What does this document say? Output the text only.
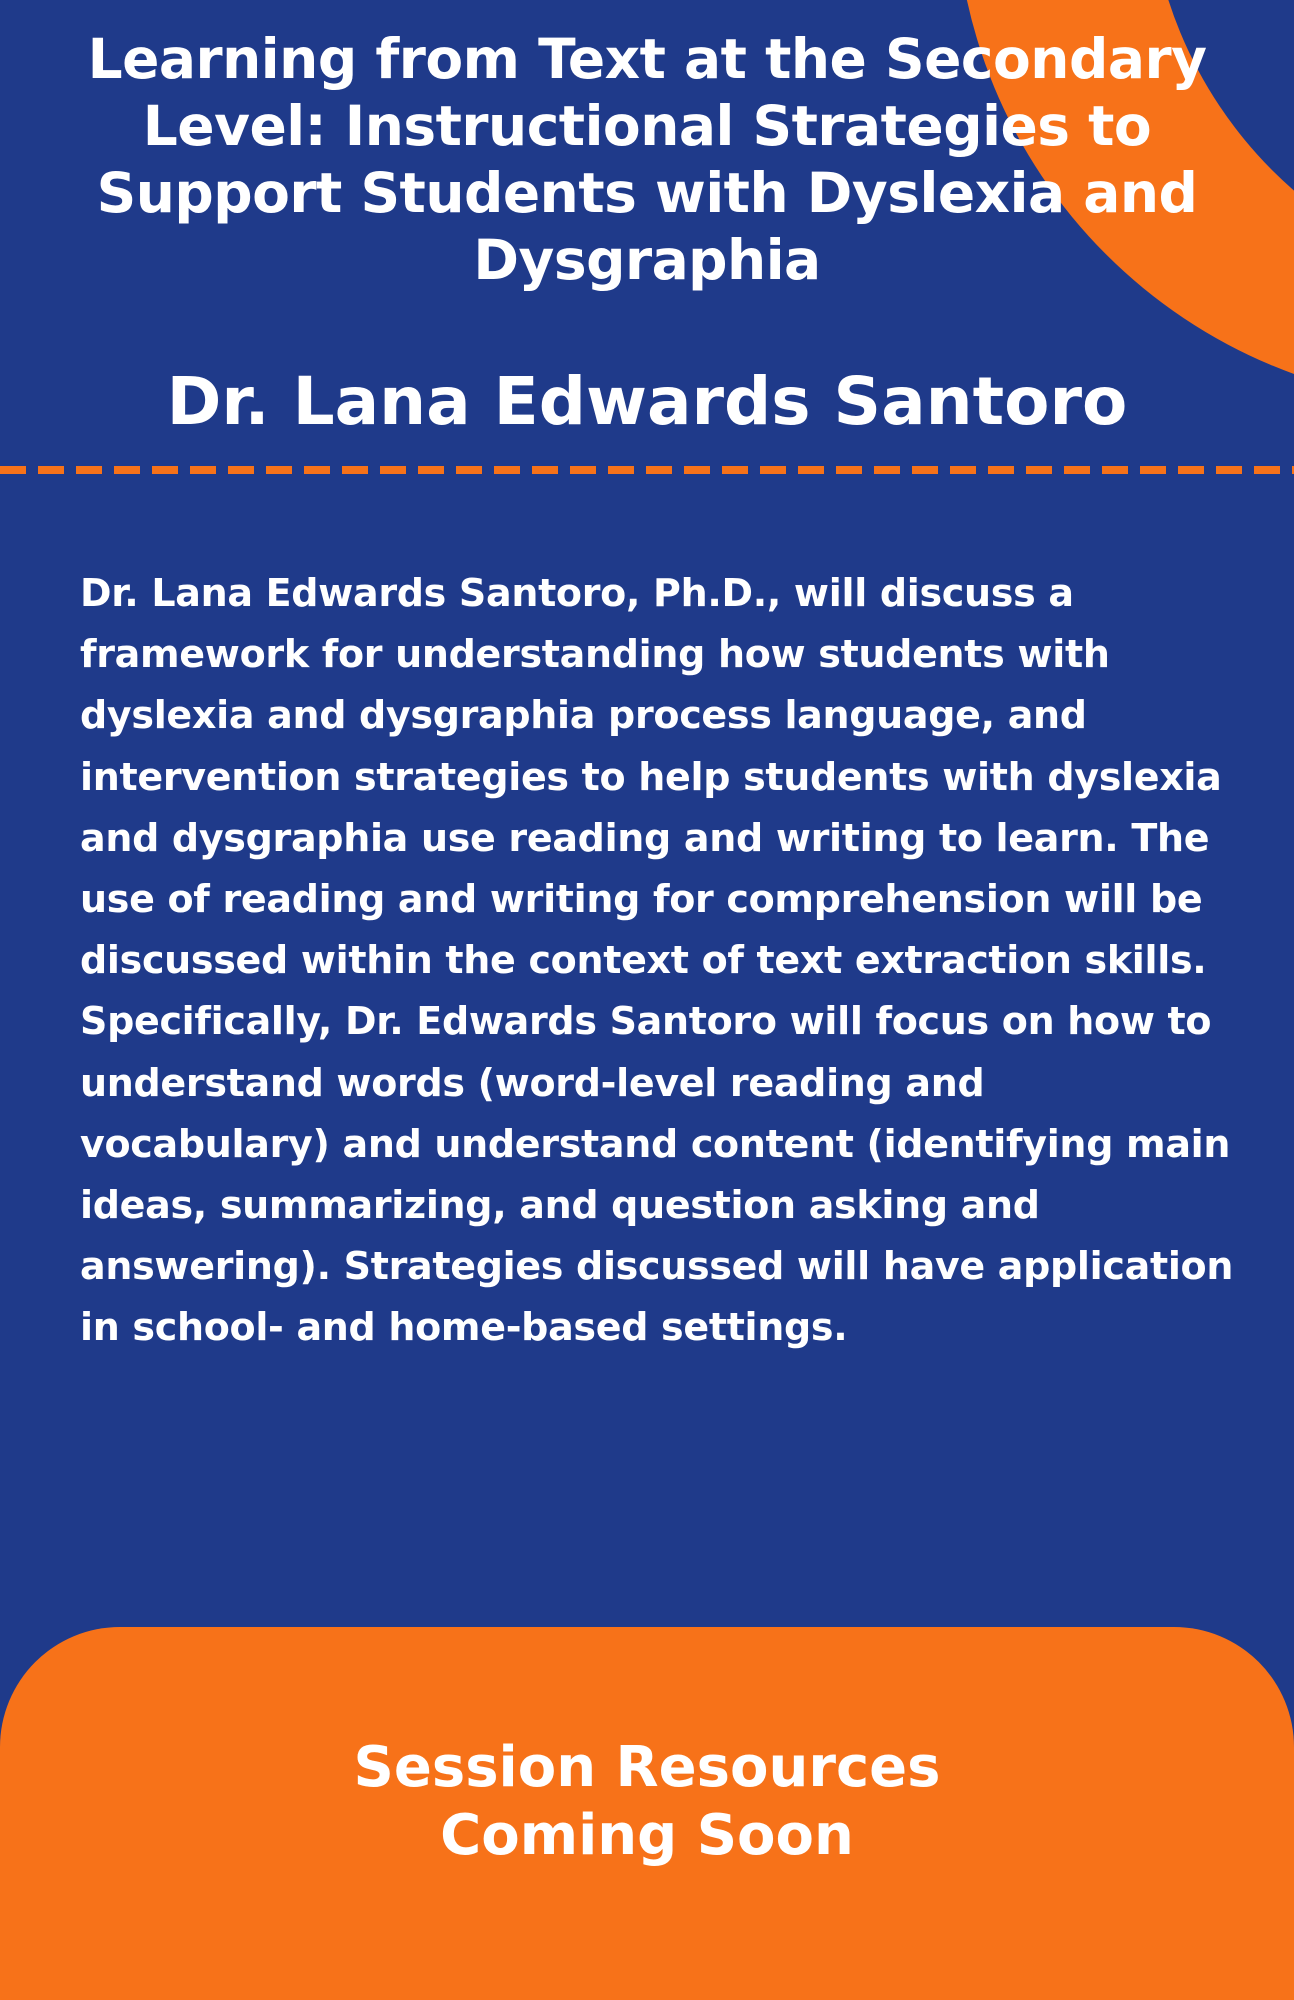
Learning from Text at the Secondary Level: Instructional Strategies to Support Students with Dyslexia and Dysgraphia
Dr. Lana Edwards Santoro

Dr. Lana Edwards Santoro, Ph.D., will discuss a framework for understanding how students with dyslexia and dysgraphia process language, and intervention strategies to help students with dyslexia and dysgraphia use reading and writing to learn. The use of reading and writing for comprehension will be discussed within the context of text extraction skills. Specifically, Dr. Edwards Santoro will focus on how to understand words (word-level reading and vocabulary) and understand content (identifying main ideas, summarizing, and question asking and answering). Strategies discussed will have application in school- and home-based settings.

Session Resources
Coming Soon
